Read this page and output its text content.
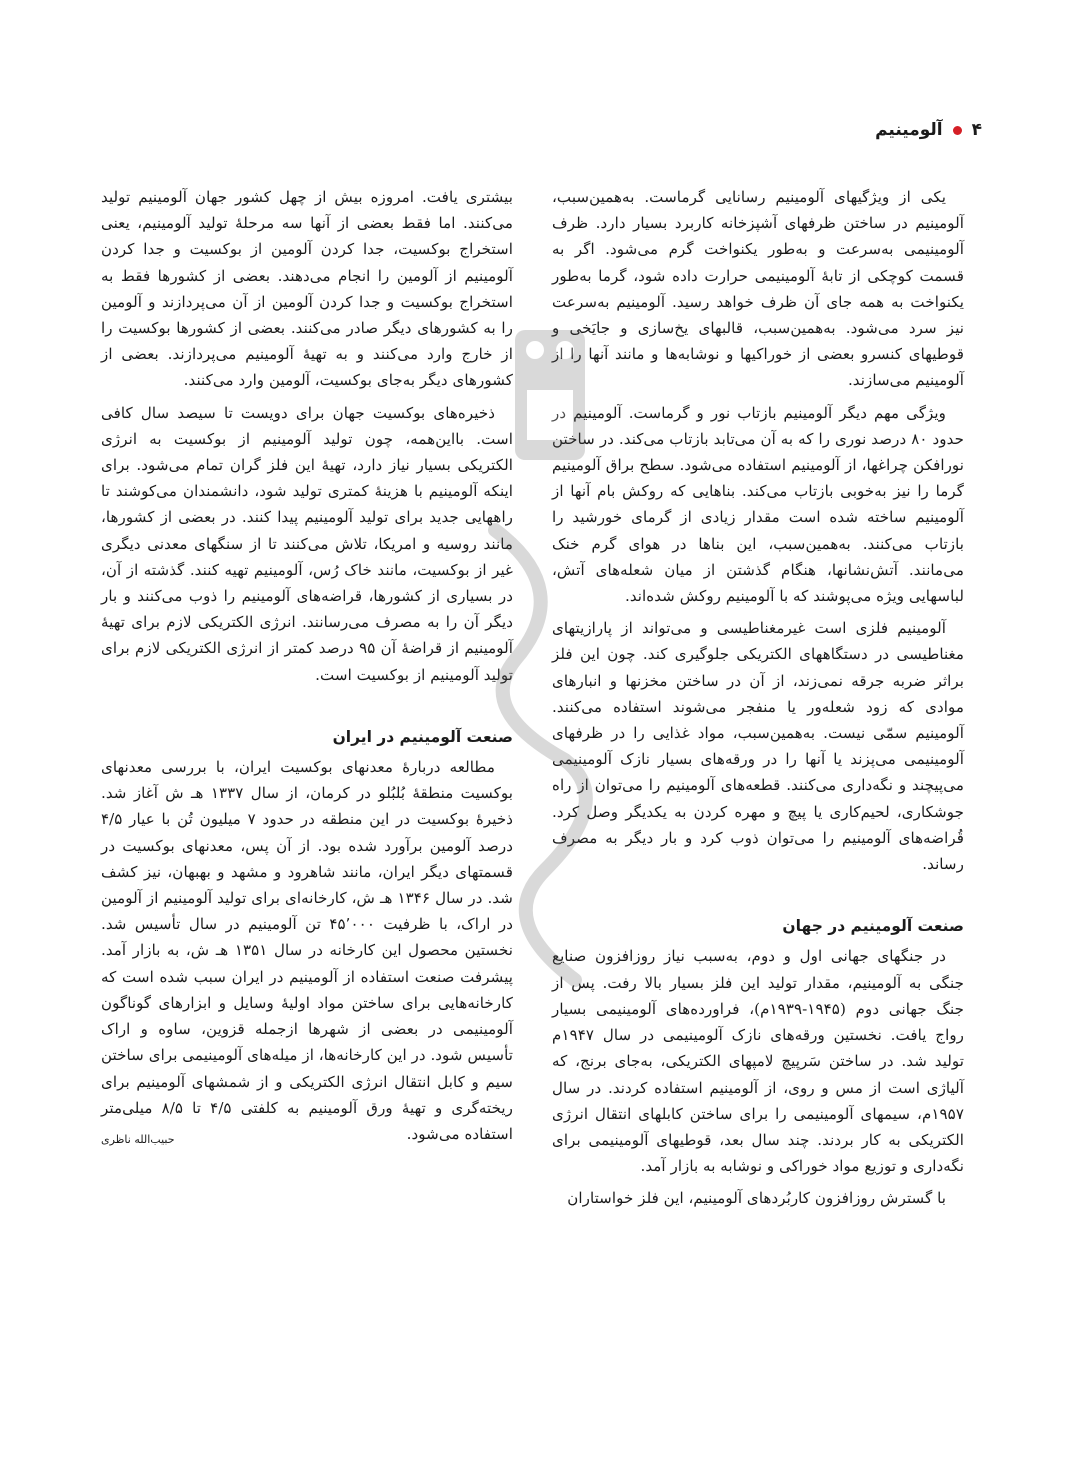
۴
آلومینیم

یکی از ویژگیهای آلومینیم رسانایی گرماست. به‌همین‌سبب، آلومینیم در ساختن ظرفهای آشپزخانه کاربرد بسیار دارد. ظرف آلومینیمی به‌سرعت و به‌طور یکنواخت گرم می‌شود. اگر به قسمت کوچکی از تابهٔ آلومینیمی حرارت داده شود، گرما به‌طور یکنواخت به همه جای آن ظرف خواهد رسید. آلومینیم به‌سرعت نیز سرد می‌شود. به‌همین‌سبب، قالبهای یخ‌سازی و جایَخی و قوطیهای کنسرو بعضی از خوراکیها و نوشابه‌ها و مانند آنها را از آلومینیم می‌سازند.

ویژگی مهم دیگر آلومینیم بازتاب نور و گرماست. آلومینیم در حدود ۸۰ درصد نوری را که به آن می‌تابد بازتاب می‌کند. در ساختن نورافکن چراغها، از آلومینیم استفاده می‌شود. سطح براق آلومینیم گرما را نیز به‌خوبی بازتاب می‌کند. بناهایی که روکش بام آنها از آلومینیم ساخته شده است مقدار زیادی از گرمای خورشید را بازتاب می‌کنند. به‌همین‌سبب، این بناها در هوای گرم خنک می‌مانند. آتش‌نشانها، هنگام گذشتن از میان شعله‌های آتش، لباسهایی ویژه می‌پوشند که با آلومینیم روکش شده‌اند.

آلومینیم فلزی است غیرمغناطیسی و می‌تواند از پارازیتهای مغناطیسی در دستگاههای الکتریکی جلوگیری کند. چون این فلز براثر ضربه جرقه نمی‌زند، از آن در ساختن مخزنها و انبارهای موادی که زود شعله‌ور یا منفجر می‌شوند استفاده می‌کنند. آلومینیم سمّی نیست. به‌همین‌سبب، مواد غذایی را در ظرفهای آلومینیمی می‌پزند یا آنها را در ورقه‌های بسیار نازک آلومینیمی می‌پیچند و نگه‌داری می‌کنند. قطعه‌های آلومینیم را می‌توان از راه جوشکاری، لحیم‌کاری یا پیچ و مهره کردن به یکدیگر وصل کرد. قُراضه‌های آلومینیم را می‌توان ذوب کرد و بار دیگر به مصرف رساند.

صنعت آلومینیم در جهان

در جنگهای جهانی اول و دوم، به‌سبب نیاز روزافزون صنایع جنگی به آلومینیم، مقدار تولید این فلز بسیار بالا رفت. پس از جنگ جهانی دوم (۱۹۴۵-۱۹۳۹م)، فراورده‌های آلومینیمی بسیار رواج یافت. نخستین ورقه‌های نازک آلومینیمی در سال ۱۹۴۷م تولید شد. در ساختن سَرپیچ لامپهای الکتریکی، به‌جای برنج، که آلیاژی است از مس و روی، از آلومینیم استفاده کردند. در سال ۱۹۵۷م، سیمهای آلومینیمی را برای ساختن کابلهای انتقال انرژی الکتریکی به کار بردند. چند سال بعد، قوطیهای آلومینیمی برای نگه‌داری و توزیع مواد خوراکی و نوشابه به بازار آمد.

با گسترش روزافزون کاربُردهای آلومینیم، این فلز خواستاران

بیشتری یافت. امروزه بیش از چهل کشور جهان آلومینیم تولید می‌کنند. اما فقط بعضی از آنها سه مرحلهٔ تولید آلومینیم، یعنی استخراج بوکسیت، جدا کردن آلومین از بوکسیت و جدا کردن آلومینیم از آلومین را انجام می‌دهند. بعضی از کشورها فقط به استخراج بوکسیت و جدا کردن آلومین از آن می‌پردازند و آلومین را به کشورهای دیگر صادر می‌کنند. بعضی از کشورها بوکسیت را از خارج وارد می‌کنند و به تهیهٔ آلومینیم می‌پردازند. بعضی از کشورهای دیگر به‌جای بوکسیت، آلومین وارد می‌کنند.

ذخیره‌های بوکسیت جهان برای دویست تا سیصد سال کافی است. بااین‌همه، چون تولید آلومینیم از بوکسیت به انرژی الکتریکی بسیار نیاز دارد، تهیهٔ این فلز گران تمام می‌شود. برای اینکه آلومینیم با هزینهٔ کمتری تولید شود، دانشمندان می‌کوشند تا راههایی جدید برای تولید آلومینیم پیدا کنند. در بعضی از کشورها، مانند روسیه و امریکا، تلاش می‌کنند تا از سنگهای معدنی دیگری غیر از بوکسیت، مانند خاک رُس، آلومینیم تهیه کنند. گذشته از آن، در بسیاری از کشورها، قراضه‌های آلومینیم را ذوب می‌کنند و بار دیگر آن را به مصرف می‌رسانند. انرژی الکتریکی لازم برای تهیهٔ آلومینیم از قراضهٔ آن ۹۵ درصد کمتر از انرژی الکتریکی لازم برای تولید آلومینیم از بوکسیت است.

صنعت آلومینیم در ایران

مطالعه دربارهٔ معدنهای بوکسیت ایران، با بررسی معدنهای بوکسیت منطقهٔ بُلبُلو در کرمان، از سال ۱۳۳۷ هـ ش آغاز شد. ذخیرهٔ بوکسیت در این منطقه در حدود ۷ میلیون تُن با عیار ۴/۵ درصد آلومین برآورد شده بود. از آن پس، معدنهای بوکسیت در قسمتهای دیگر ایران، مانند شاهرود و مشهد و بهبهان، نیز کشف شد. در سال ۱۳۴۶ هـ ش، کارخانه‌ای برای تولید آلومینیم از آلومین در اراک، با ظرفیت ۴۵٬۰۰۰ تن آلومینیم در سال تأسیس شد. نخستین محصول این کارخانه در سال ۱۳۵۱ هـ ش، به بازار آمد. پیشرفت صنعت استفاده از آلومینیم در ایران سبب شده است که کارخانه‌هایی برای ساختن مواد اولیهٔ وسایل و ابزارهای گوناگون آلومینیمی در بعضی از شهرها ازجمله قزوین، ساوه و اراک تأسیس شود. در این کارخانه‌ها، از میله‌های آلومینیمی برای ساختن سیم و کابل انتقال انرژی الکتریکی و از شمشهای آلومینیم برای ریخته‌گری و تهیهٔ ورق آلومینیم به کلفتی ۴/۵ تا ۸/۵ میلی‌متر استفاده می‌شود.

حبیب‌الله ناظری
